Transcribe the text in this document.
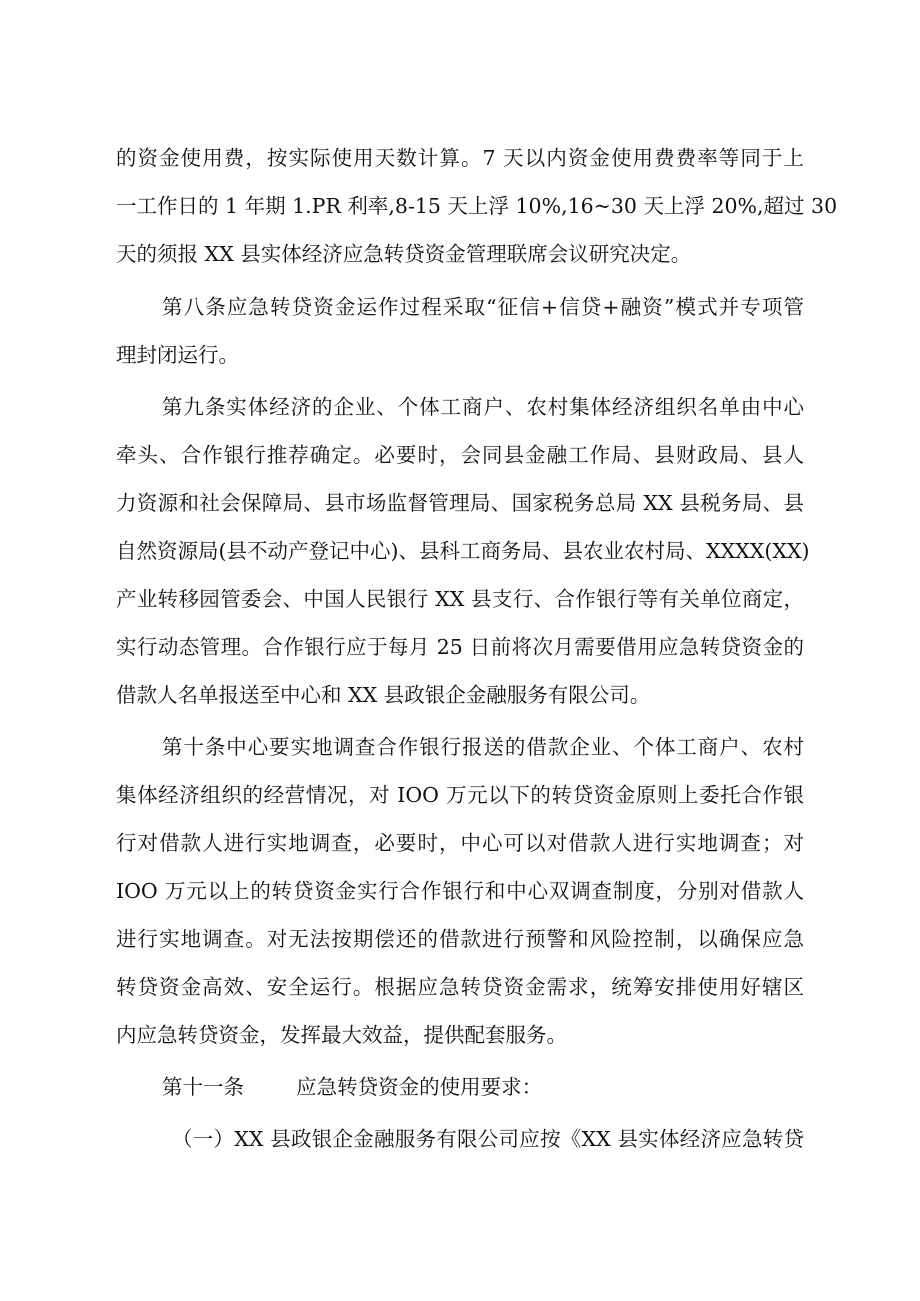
的资金使用费，按实际使用天数计算。7 天以内资金使用费费率等同于上
一工作日的 1 年期 1.PR 利率,8-15 天上浮 10%,16~30 天上浮 20%,超过 30
天的须报 XX 县实体经济应急转贷资金管理联席会议研究决定。
第八条应急转贷资金运作过程采取“征信+信贷+融资”模式并专项管
理封闭运行。
第九条实体经济的企业、个体工商户、农村集体经济组织名单由中心
牵头、合作银行推荐确定。必要时，会同县金融工作局、县财政局、县人
力资源和社会保障局、县市场监督管理局、国家税务总局 XX 县税务局、县
自然资源局(县不动产登记中心)、县科工商务局、县农业农村局、XXXX(XX)
产业转移园管委会、中国人民银行 XX 县支行、合作银行等有关单位商定，
实行动态管理。合作银行应于每月 25 日前将次月需要借用应急转贷资金的
借款人名单报送至中心和 XX 县政银企金融服务有限公司。
第十条中心要实地调查合作银行报送的借款企业、个体工商户、农村
集体经济组织的经营情况，对 IOO 万元以下的转贷资金原则上委托合作银
行对借款人进行实地调查，必要时，中心可以对借款人进行实地调查；对
IOO 万元以上的转贷资金实行合作银行和中心双调查制度，分别对借款人
进行实地调查。对无法按期偿还的借款进行预警和风险控制，以确保应急
转贷资金高效、安全运行。根据应急转贷资金需求，统筹安排使用好辖区
内应急转贷资金，发挥最大效益，提供配套服务。
第十一条        应急转贷资金的使用要求：
（一）XX 县政银企金融服务有限公司应按《XX 县实体经济应急转贷
